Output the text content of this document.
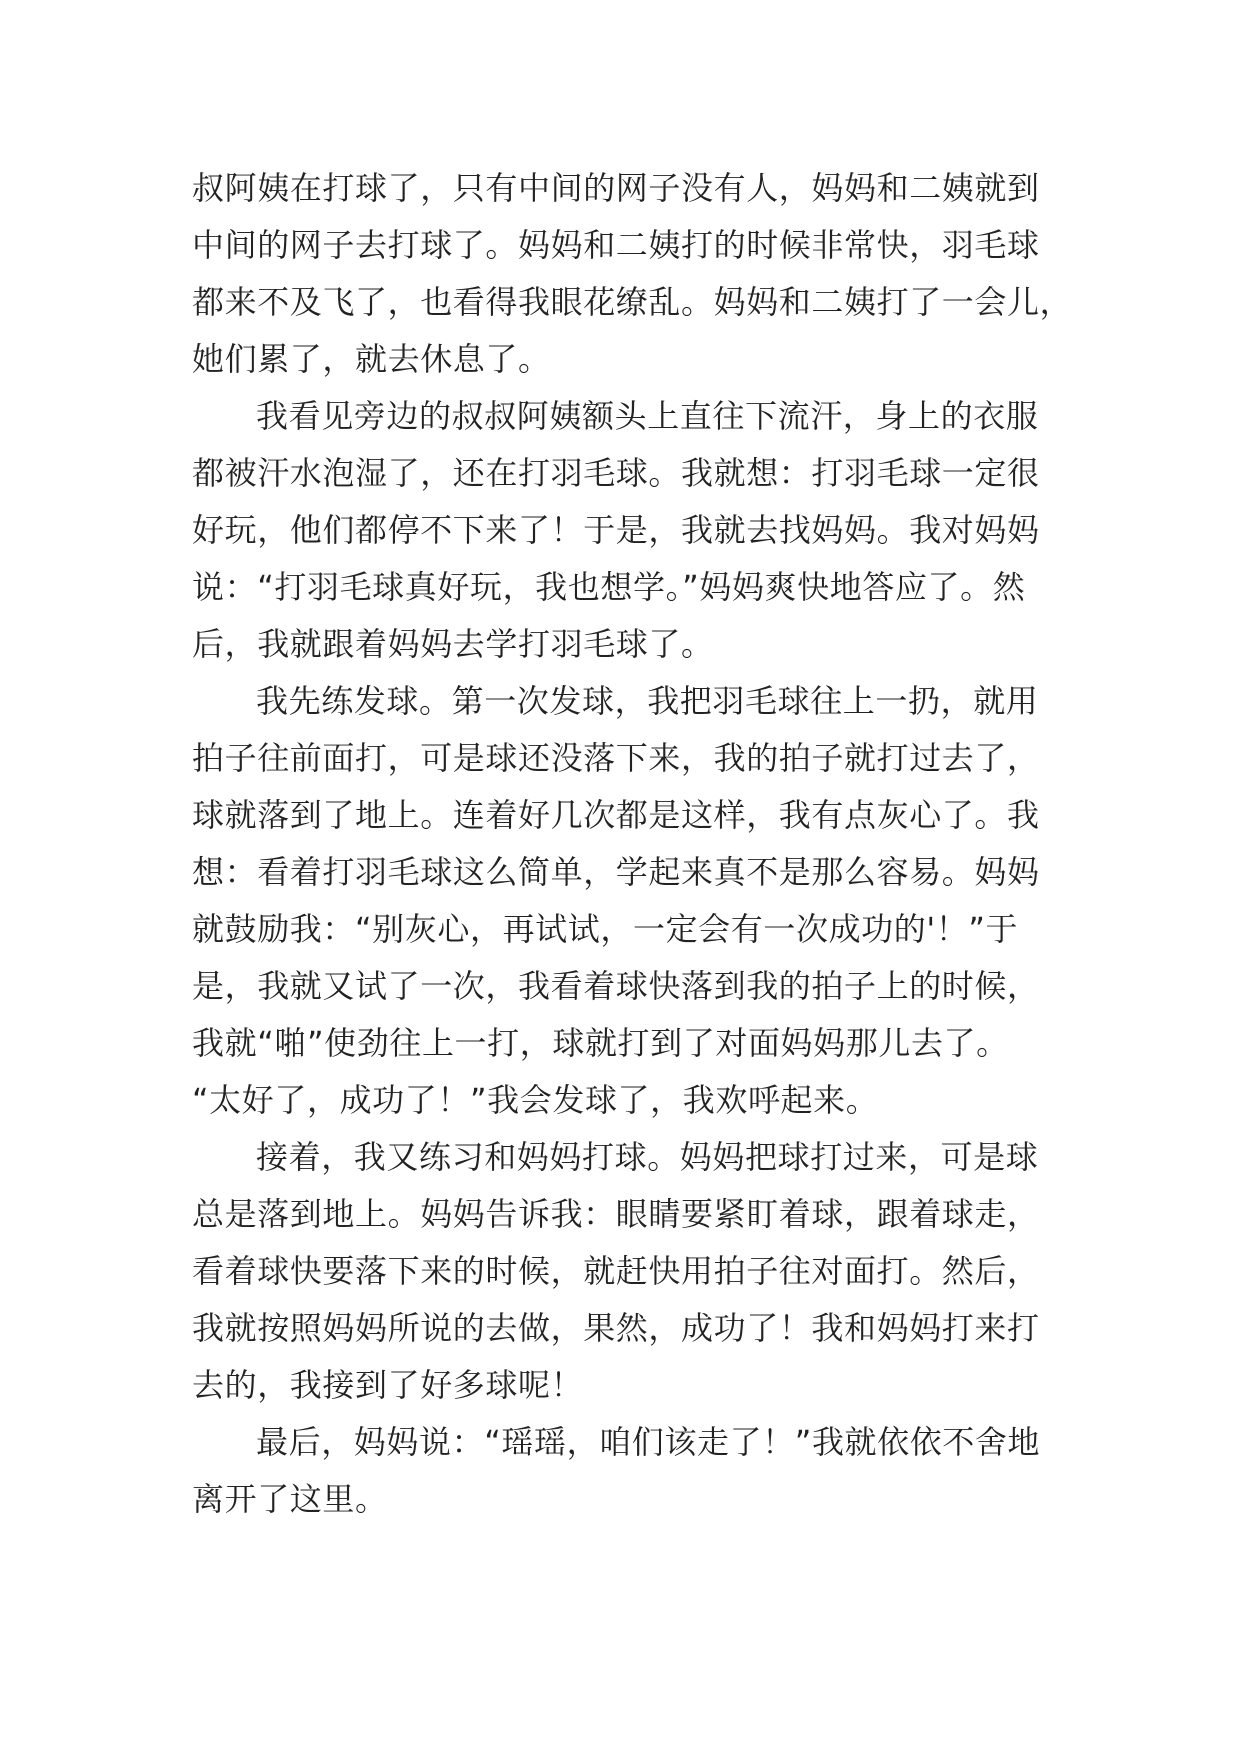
叔阿姨在打球了，只有中间的网子没有人，妈妈和二姨就到
中间的网子去打球了。妈妈和二姨打的时候非常快，羽毛球
都来不及飞了，也看得我眼花缭乱。妈妈和二姨打了一会儿，
她们累了，就去休息了。
我看见旁边的叔叔阿姨额头上直往下流汗，身上的衣服
都被汗水泡湿了，还在打羽毛球。我就想：打羽毛球一定很
好玩，他们都停不下来了！于是，我就去找妈妈。我对妈妈
说：“打羽毛球真好玩，我也想学。”妈妈爽快地答应了。然
后，我就跟着妈妈去学打羽毛球了。
我先练发球。第一次发球，我把羽毛球往上一扔，就用
拍子往前面打，可是球还没落下来，我的拍子就打过去了，
球就落到了地上。连着好几次都是这样，我有点灰心了。我
想：看着打羽毛球这么简单，学起来真不是那么容易。妈妈
就鼓励我：“别灰心，再试试，一定会有一次成功的'！”于
是，我就又试了一次，我看着球快落到我的拍子上的时候，
我就“啪”使劲往上一打，球就打到了对面妈妈那儿去了。
“太好了，成功了！”我会发球了，我欢呼起来。
接着，我又练习和妈妈打球。妈妈把球打过来，可是球
总是落到地上。妈妈告诉我：眼睛要紧盯着球，跟着球走，
看着球快要落下来的时候，就赶快用拍子往对面打。然后，
我就按照妈妈所说的去做，果然，成功了！我和妈妈打来打
去的，我接到了好多球呢！
最后，妈妈说：“瑶瑶，咱们该走了！”我就依依不舍地
离开了这里。
